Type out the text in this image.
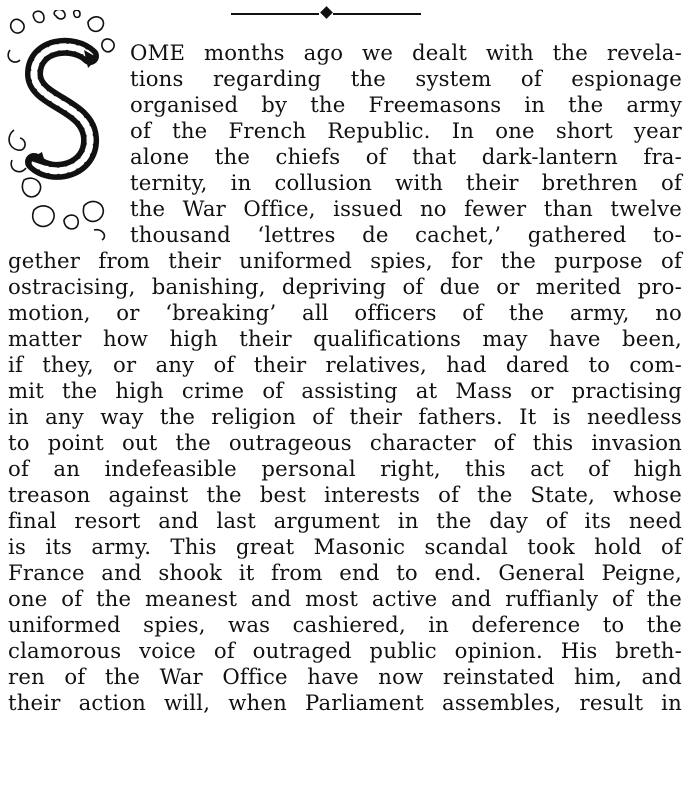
OME months ago we dealt with the revela-
tions regarding the system of espionage
organised by the Freemasons in the army
of the French Republic. In one short year
alone the chiefs of that dark-lantern fra-
ternity, in collusion with their brethren of
the War Office, issued no fewer than twelve
thousand ‘lettres de cachet,’ gathered to-
gether from their uniformed spies, for the purpose of
ostracising, banishing, depriving of due or merited pro-
motion, or ‘breaking’ all officers of the army, no
matter how high their qualifications may have been,
if they, or any of their relatives, had dared to com-
mit the high crime of assisting at Mass or practising
in any way the religion of their fathers. It is needless
to point out the outrageous character of this invasion
of an indefeasible personal right, this act of high
treason against the best interests of the State, whose
final resort and last argument in the day of its need
is its army. This great Masonic scandal took hold of
France and shook it from end to end. General Peigne,
one of the meanest and most active and ruffianly of the
uniformed spies, was cashiered, in deference to the
clamorous voice of outraged public opinion. His breth-
ren of the War Office have now reinstated him, and
their action will, when Parliament assembles, result in
